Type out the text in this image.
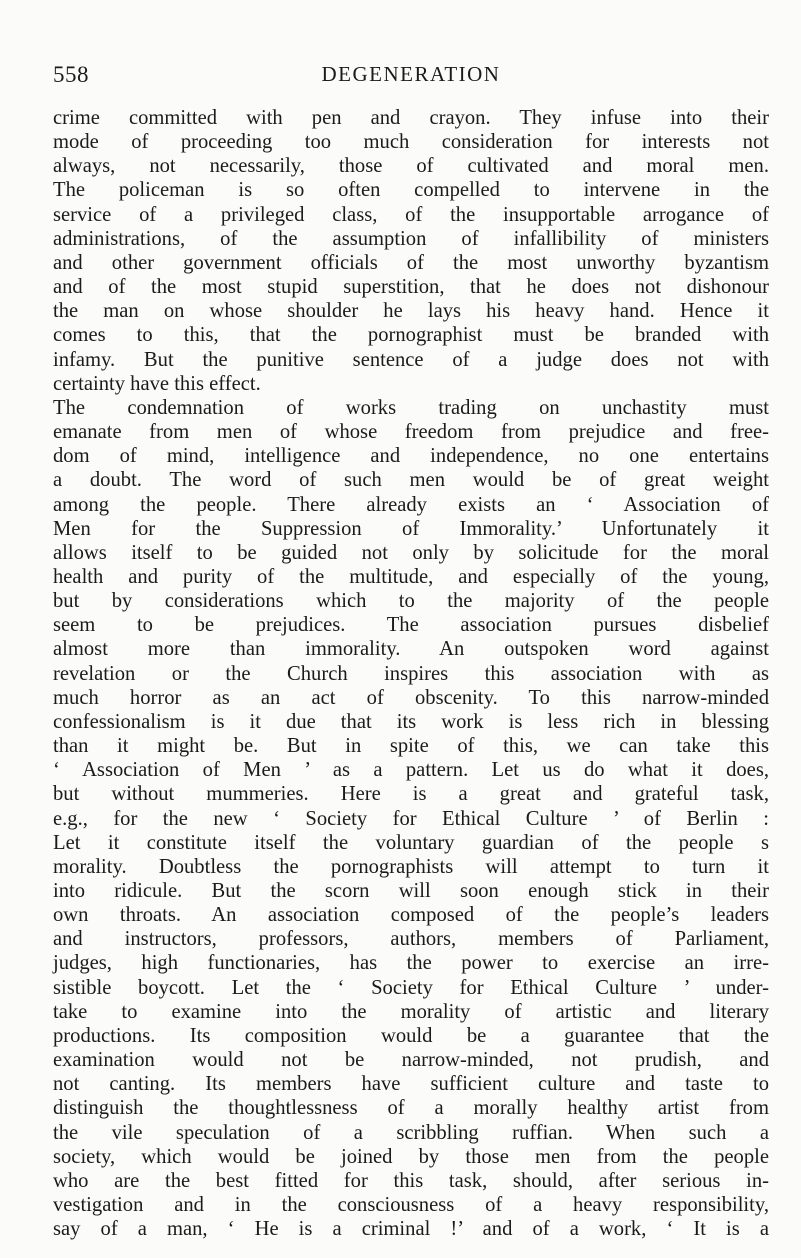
558	DEGENERATION
crime committed with pen and crayon. They infuse into their
mode of proceeding too much consideration for interests not
always, not necessarily, those of cultivated and moral men.
The policeman is so often compelled to intervene in the
service of a privileged class, of the insupportable arrogance of
administrations, of the assumption of infallibility of ministers
and other government officials of the most unworthy byzantism
and of the most stupid superstition, that he does not dishonour
the man on whose shoulder he lays his heavy hand. Hence it
comes to this, that the pornographist must be branded with
infamy. But the punitive sentence of a judge does not with
certainty have this effect.
The condemnation of works trading on unchastity must
emanate from men of whose freedom from prejudice and free-
dom of mind, intelligence and independence, no one entertains
a doubt. The word of such men would be of great weight
among the people. There already exists an ‘ Association of
Men for the Suppression of Immorality.’ Unfortunately it
allows itself to be guided not only by solicitude for the moral
health and purity of the multitude, and especially of the young,
but by considerations which to the majority of the people
seem to be prejudices. The association pursues disbelief
almost more than immorality. An outspoken word against
revelation or the Church inspires this association with as
much horror as an act of obscenity. To this narrow-minded
confessionalism is it due that its work is less rich in blessing
than it might be. But in spite of this, we can take this
‘ Association of Men ’ as a pattern. Let us do what it does,
but without mummeries. Here is a great and grateful task,
e.g., for the new ‘ Society for Ethical Culture ’ of Berlin :
Let it constitute itself the voluntary guardian of the people s
morality. Doubtless the pornographists will attempt to turn it
into ridicule. But the scorn will soon enough stick in their
own throats. An association composed of the people’s leaders
and instructors, professors, authors, members of Parliament,
judges, high functionaries, has the power to exercise an irre-
sistible boycott. Let the ‘ Society for Ethical Culture ’ under-
take to examine into the morality of artistic and literary
productions. Its composition would be a guarantee that the
examination would not be narrow-minded, not prudish, and
not canting. Its members have sufficient culture and taste to
distinguish the thoughtlessness of a morally healthy artist from
the vile speculation of a scribbling ruffian. When such a
society, which would be joined by those men from the people
who are the best fitted for this task, should, after serious in-
vestigation and in the consciousness of a heavy responsibility,
say of a man, ‘ He is a criminal !’ and of a work, ‘ It is a
